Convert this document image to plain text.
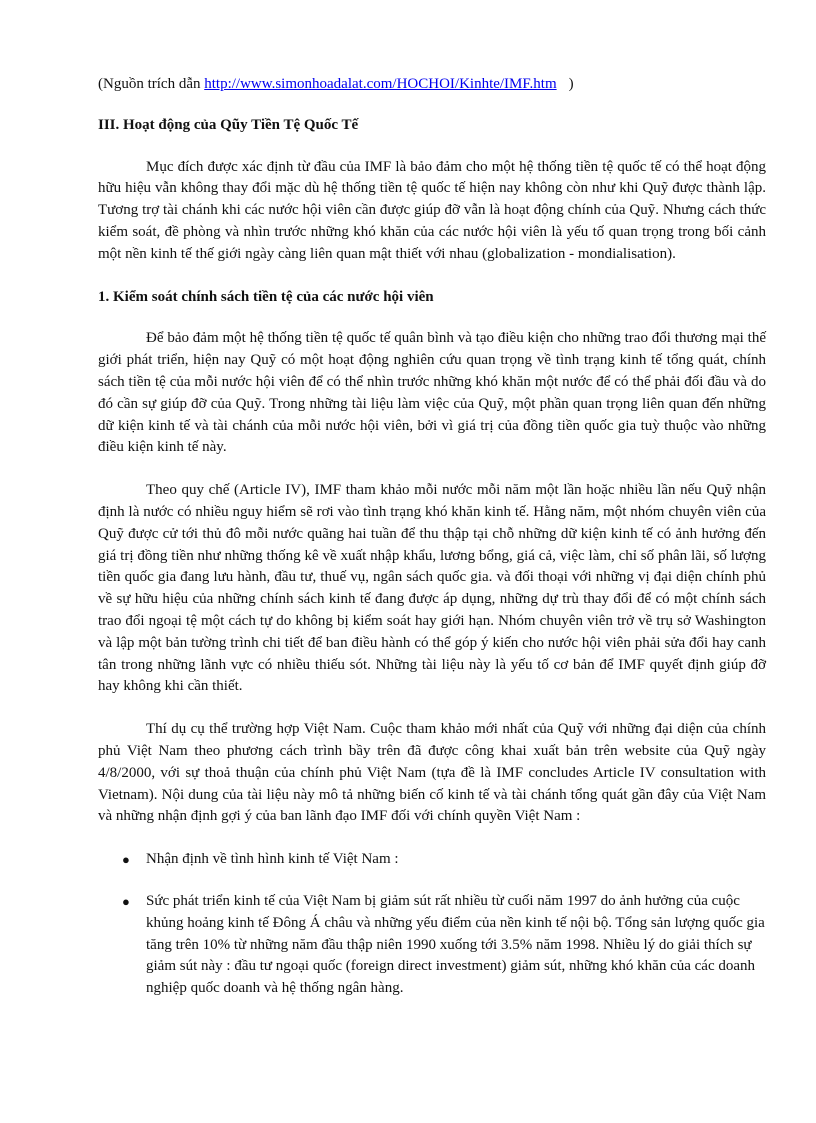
(Nguồn trích dẫn http://www.simonhoadalat.com/HOCHOI/Kinhte/IMF.htm )
III. Hoạt động của Qũy Tiền Tệ Quốc Tế

Mục đích được xác định từ đầu của IMF là bảo đảm cho một hệ thống tiền tệ quốc tế có thể hoạt động hữu hiệu vẫn không thay đổi mặc dù hệ thống tiền tệ quốc tế hiện nay không còn như khi Quỹ được thành lập. Tương trợ tài chánh khi các nước hội viên cần được giúp đỡ vẫn là hoạt động chính của Quỹ. Nhưng cách thức kiểm soát, đề phòng và nhìn trước những khó khăn của các nước hội viên là yếu tố quan trọng trong bối cảnh một nền kinh tế thế giới ngày càng liên quan mật thiết với nhau (globalization - mondialisation).

1. Kiểm soát chính sách tiền tệ của các nước hội viên

Để bảo đảm một hệ thống tiền tệ quốc tế quân bình và tạo điều kiện cho những trao đổi thương mại thế giới phát triển, hiện nay Quỹ có một hoạt động nghiên cứu quan trọng về tình trạng kinh tế tổng quát, chính sách tiền tệ của mỗi nước hội viên để có thể nhìn trước những khó khăn một nước để có thể phải đối đầu và do đó cần sự giúp đỡ của Quỹ. Trong những tài liệu làm việc của Quỹ, một phần quan trọng liên quan đến những dữ kiện kinh tế và tài chánh của mỗi nước hội viên, bởi vì giá trị của đồng tiền quốc gia tuỳ thuộc vào những điều kiện kinh tế này.

Theo quy chế (Article IV), IMF tham khảo mỗi nước mỗi năm một lần hoặc nhiều lần nếu Quỹ nhận định là nước có nhiều nguy hiểm sẽ rơi vào tình trạng khó khăn kinh tế. Hằng năm, một nhóm chuyên viên của Quỹ được cử tới thủ đô mỗi nước quãng hai tuần để thu thập tại chỗ những dữ kiện kinh tế có ảnh hưởng đến giá trị đồng tiền như những thống kê về xuất nhập khẩu, lương bổng, giá cả, việc làm, chỉ số phân lãi, số lượng tiền quốc gia đang lưu hành, đầu tư, thuế vụ, ngân sách quốc gia. và đối thoại với những vị đại diện chính phủ về sự hữu hiệu của những chính sách kinh tế đang được áp dụng, những dự trù thay đổi để có một chính sách trao đổi ngoại tệ một cách tự do không bị kiểm soát hay giới hạn. Nhóm chuyên viên trở về trụ sở Washington và lập một bản tường trình chi tiết để ban điều hành có thể góp ý kiến cho nước hội viên phải sửa đổi hay canh tân trong những lãnh vực có nhiều thiếu sót. Những tài liệu này là yếu tố cơ bản để IMF quyết định giúp đỡ hay không khi cần thiết.

Thí dụ cụ thể trường hợp Việt Nam. Cuộc tham khảo mới nhất của Quỹ với những đại diện của chính phủ Việt Nam theo phương cách trình bầy trên đã được công khai xuất bản trên website của Quỹ ngày 4/8/2000, với sự thoả thuận của chính phủ Việt Nam (tựa đề là IMF concludes Article IV consultation with Vietnam). Nội dung của tài liệu này mô tả những biến cố kinh tế và tài chánh tổng quát gần đây của Việt Nam và những nhận định gợi ý của ban lãnh đạo IMF đối với chính quyền Việt Nam :

● Nhận định về tình hình kinh tế Việt Nam :
● Sức phát triển kinh tế của Việt Nam bị giảm sút rất nhiều từ cuối năm 1997 do ảnh hưởng của cuộc khủng hoảng kinh tế Đông Á châu và những yếu điểm của nền kinh tế nội bộ. Tổng sản lượng quốc gia tăng trên 10% từ những năm đầu thập niên 1990 xuống tới 3.5% năm 1998. Nhiều lý do giải thích sự giảm sút này : đầu tư ngoại quốc (foreign direct investment) giảm sút, những khó khăn của các doanh nghiệp quốc doanh và hệ thống ngân hàng.
